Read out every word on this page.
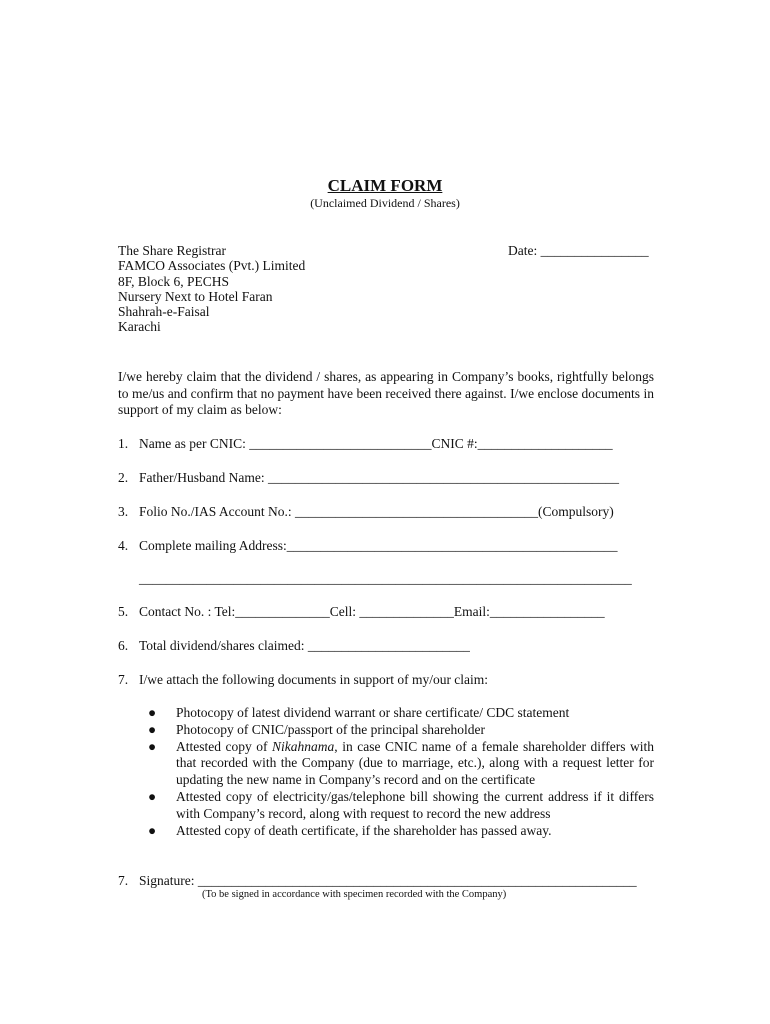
CLAIM FORM
(Unclaimed Dividend / Shares)
The Share Registrar
FAMCO Associates (Pvt.) Limited
8F, Block 6, PECHS
Nursery Next to Hotel Faran
Shahrah-e-Faisal
Karachi
Date: ________________
I/we hereby claim that the dividend / shares, as appearing in Company’s books, rightfully belongs to me/us and confirm that no payment have been received there against. I/we enclose documents in support of my claim as below:
1. Name as per CNIC: ___________________________CNIC #:____________________
2. Father/Husband Name: ____________________________________________________
3. Folio No./IAS Account No.: ____________________________________(Compulsory)
4. Complete mailing Address:_________________________________________________
_________________________________________________________________________
5. Contact No. : Tel:______________Cell: ______________Email:_________________
6. Total dividend/shares claimed: ________________________
7. I/we attach the following documents in support of my/our claim:
● Photocopy of latest dividend warrant or share certificate/ CDC statement
● Photocopy of CNIC/passport of the principal shareholder
● Attested copy of Nikahnama, in case CNIC name of a female shareholder differs with that recorded with the Company (due to marriage, etc.), along with a request letter for updating the new name in Company’s record and on the certificate
● Attested copy of electricity/gas/telephone bill showing the current address if it differs with Company’s record, along with request to record the new address
● Attested copy of death certificate, if the shareholder has passed away.
7. Signature: _________________________________________________________________
(To be signed in accordance with specimen recorded with the Company)
